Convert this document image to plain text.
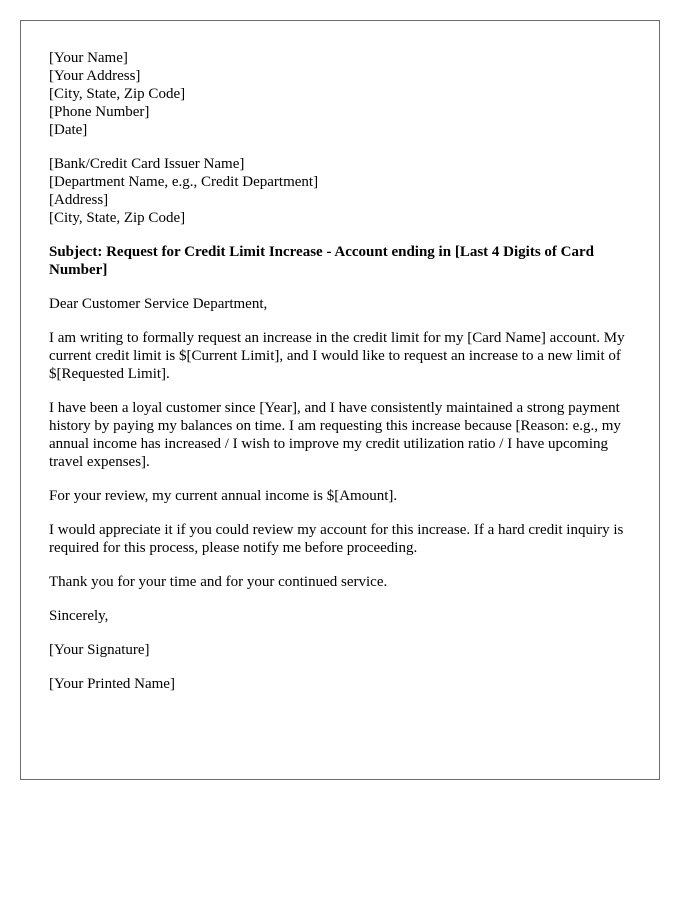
[Your Name]
[Your Address]
[City, State, Zip Code]
[Phone Number]
[Date]
[Bank/Credit Card Issuer Name]
[Department Name, e.g., Credit Department]
[Address]
[City, State, Zip Code]

Subject: Request for Credit Limit Increase - Account ending in [Last 4 Digits of Card Number]

Dear Customer Service Department,

I am writing to formally request an increase in the credit limit for my [Card Name] account. My current credit limit is $[Current Limit], and I would like to request an increase to a new limit of $[Requested Limit].

I have been a loyal customer since [Year], and I have consistently maintained a strong payment history by paying my balances on time. I am requesting this increase because [Reason: e.g., my annual income has increased / I wish to improve my credit utilization ratio / I have upcoming travel expenses].

For your review, my current annual income is $[Amount].

I would appreciate it if you could review my account for this increase. If a hard credit inquiry is required for this process, please notify me before proceeding.

Thank you for your time and for your continued service.

Sincerely,

[Your Signature]

[Your Printed Name]
